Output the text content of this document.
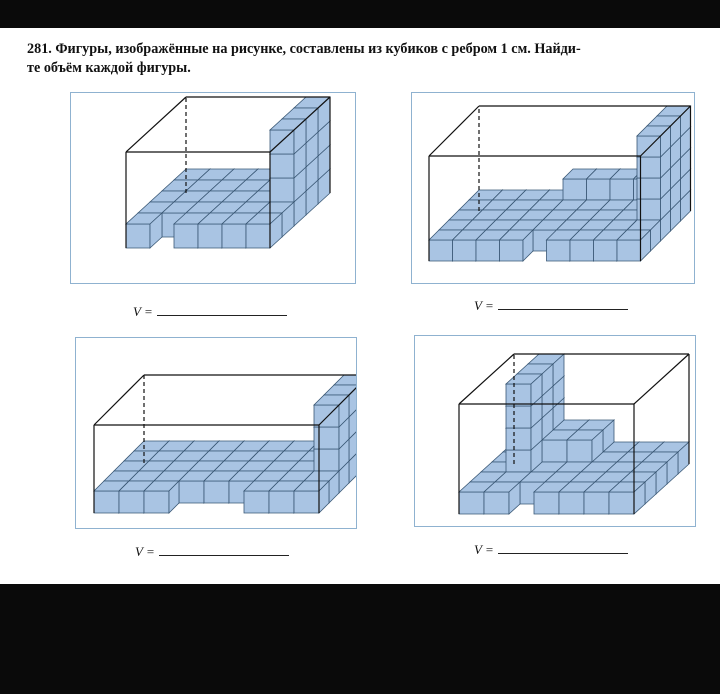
281. Фигуры, изображённые на рисунке, составлены из кубиков с ребром 1 см. Найди-
те объём каждой фигуры.
V =	V =
V =	V =
